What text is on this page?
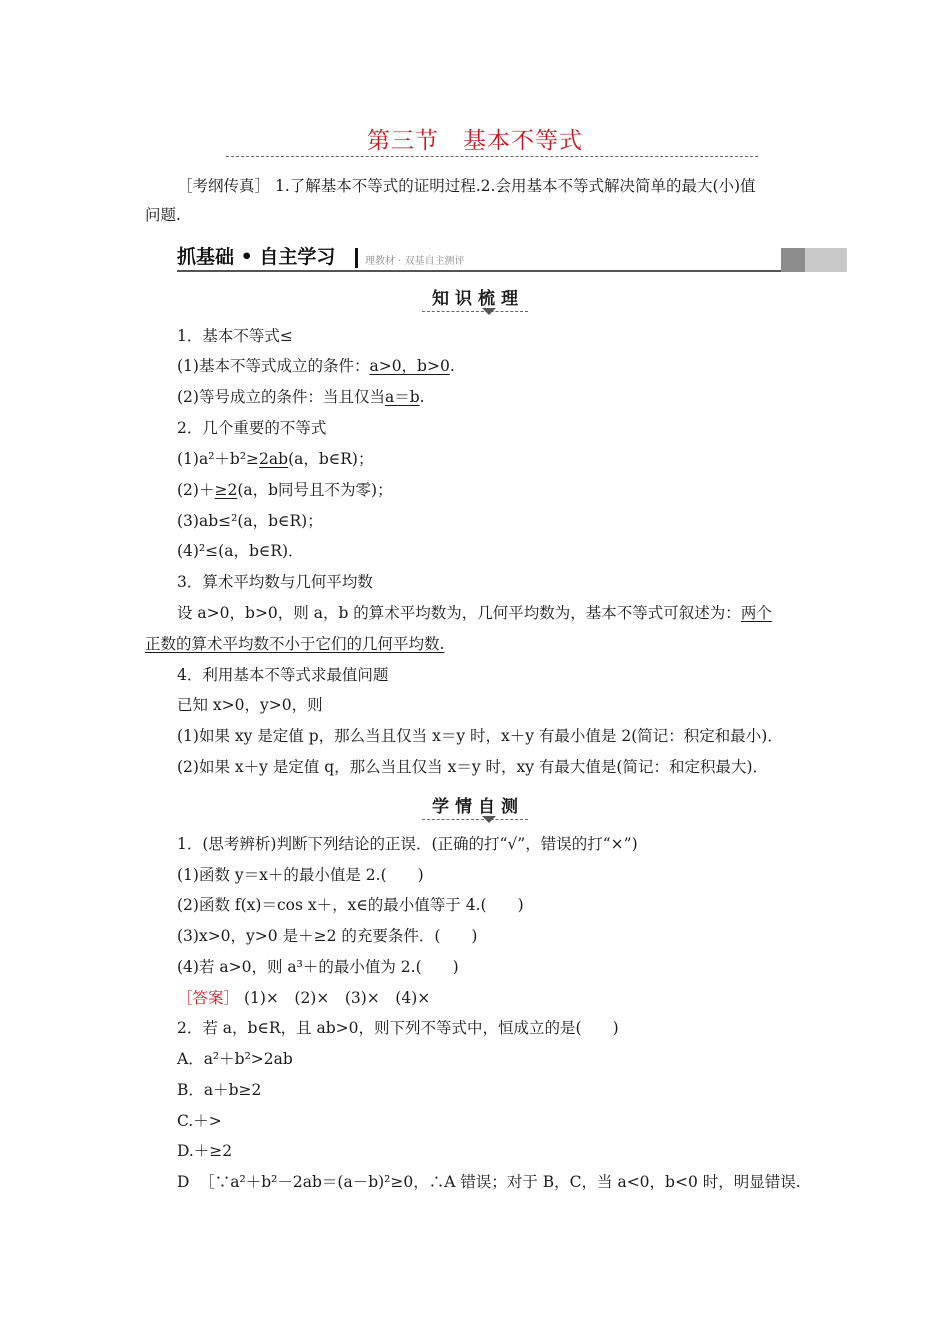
第三节　基本不等式
［考纲传真］ 1.了解基本不等式的证明过程.2.会用基本不等式解决简单的最大(小)值
问题.
抓基础 • 自主学习	理教材 · 双基自主测评
知识梳理
1．基本不等式≤
(1)基本不等式成立的条件：a>0，b>0.
(2)等号成立的条件：当且仅当a＝b.
2．几个重要的不等式
(1)a²＋b²≥2ab(a，b∈R)；
(2)＋≥2(a，b同号且不为零)；
(3)ab≤²(a，b∈R)；
(4)²≤(a，b∈R)．
3．算术平均数与几何平均数
设 a>0，b>0，则 a，b 的算术平均数为，几何平均数为，基本不等式可叙述为：两个
正数的算术平均数不小于它们的几何平均数.
4．利用基本不等式求最值问题
已知 x>0，y>0，则
(1)如果 xy 是定值 p，那么当且仅当 x＝y 时，x＋y 有最小值是 2(简记：积定和最小)．
(2)如果 x＋y 是定值 q，那么当且仅当 x＝y 时，xy 有最大值是(简记：和定积最大)．
学情自测
1．(思考辨析)判断下列结论的正误．(正确的打“√”，错误的打“×”)
(1)函数 y＝x＋的最小值是 2.(　　)
(2)函数 f(x)＝cos x＋，x∈的最小值等于 4.(　　)
(3)x>0，y>0 是＋≥2 的充要条件．(　　)
(4)若 a>0，则 a³＋的最小值为 2.(　　)
［答案］ (1)×　(2)×　(3)×　(4)×
2．若 a，b∈R，且 ab>0，则下列不等式中，恒成立的是(　　)
A．a²＋b²>2ab
B．a＋b≥2
C.＋>
D.＋≥2
D ［∵a²＋b²－2ab＝(a－b)²≥0，∴A 错误；对于 B，C，当 a<0，b<0 时，明显错误.
